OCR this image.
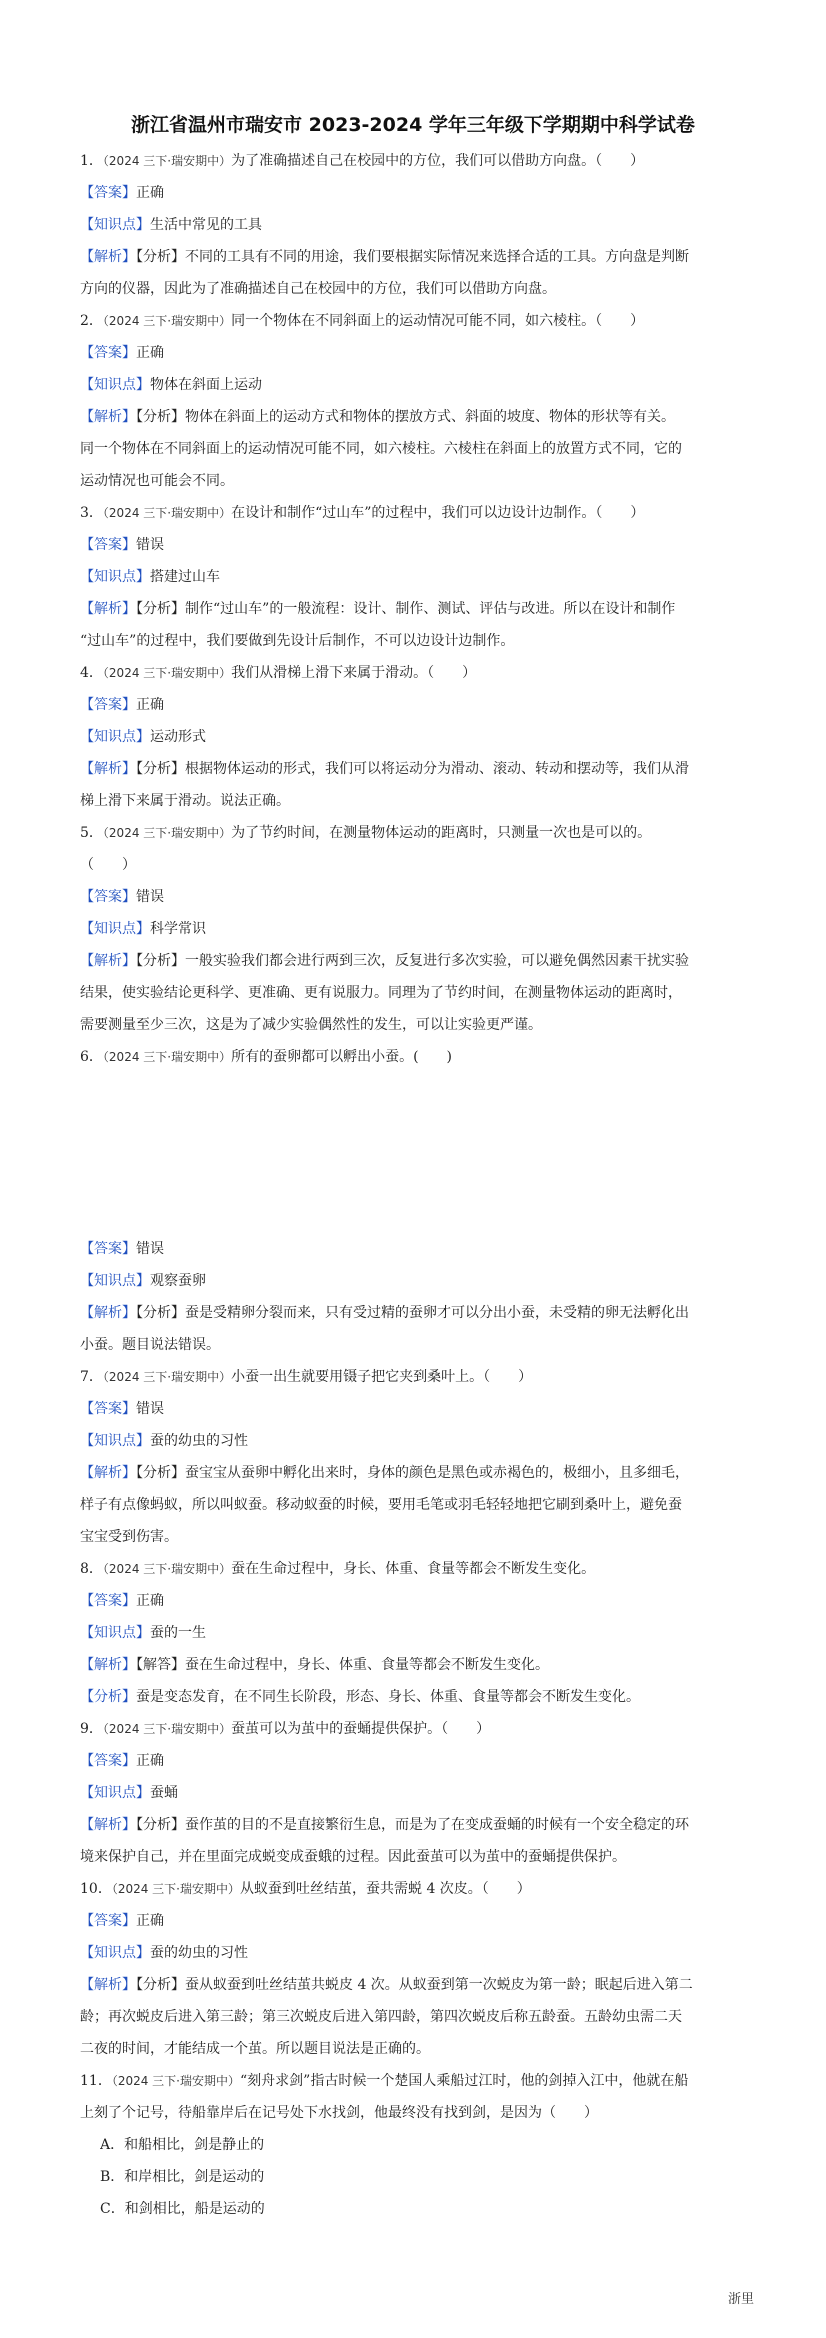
浙江省温州市瑞安市 2023-2024 学年三年级下学期期中科学试卷
1．（2024 三下·瑞安期中）为了准确描述自己在校园中的方位，我们可以借助方向盘。（　　）
【答案】正确
【知识点】生活中常见的工具
【解析】【分析】不同的工具有不同的用途，我们要根据实际情况来选择合适的工具。方向盘是判断
方向的仪器，因此为了准确描述自己在校园中的方位，我们可以借助方向盘。
2．（2024 三下·瑞安期中）同一个物体在不同斜面上的运动情况可能不同，如六棱柱。（　　）
【答案】正确
【知识点】物体在斜面上运动
【解析】【分析】物体在斜面上的运动方式和物体的摆放方式、斜面的坡度、物体的形状等有关。
同一个物体在不同斜面上的运动情况可能不同，如六棱柱。六棱柱在斜面上的放置方式不同，它的
运动情况也可能会不同。
3．（2024 三下·瑞安期中）在设计和制作“过山车”的过程中，我们可以边设计边制作。（　　）
【答案】错误
【知识点】搭建过山车
【解析】【分析】制作“过山车”的一般流程：设计、制作、测试、评估与改进。所以在设计和制作
“过山车”的过程中，我们要做到先设计后制作，不可以边设计边制作。
4．（2024 三下·瑞安期中）我们从滑梯上滑下来属于滑动。（　　）
【答案】正确
【知识点】运动形式
【解析】【分析】根据物体运动的形式，我们可以将运动分为滑动、滚动、转动和摆动等，我们从滑
梯上滑下来属于滑动。说法正确。
5．（2024 三下·瑞安期中）为了节约时间，在测量物体运动的距离时，只测量一次也是可以的。
（　　）
【答案】错误
【知识点】科学常识
【解析】【分析】一般实验我们都会进行两到三次，反复进行多次实验，可以避免偶然因素干扰实验
结果，使实验结论更科学、更准确、更有说服力。同理为了节约时间，在测量物体运动的距离时，
需要测量至少三次，这是为了减少实验偶然性的发生，可以让实验更严谨。
6．（2024 三下·瑞安期中）所有的蚕卵都可以孵出小蚕。(　　)
【答案】错误
【知识点】观察蚕卵
【解析】【分析】蚕是受精卵分裂而来，只有受过精的蚕卵才可以分出小蚕，未受精的卵无法孵化出
小蚕。题目说法错误。
7．（2024 三下·瑞安期中）小蚕一出生就要用镊子把它夹到桑叶上。（　　）
【答案】错误
【知识点】蚕的幼虫的习性
【解析】【分析】蚕宝宝从蚕卵中孵化出来时，身体的颜色是黑色或赤褐色的，极细小，且多细毛，
样子有点像蚂蚁，所以叫蚁蚕。移动蚁蚕的时候，要用毛笔或羽毛轻轻地把它刷到桑叶上，避免蚕
宝宝受到伤害。
8．（2024 三下·瑞安期中）蚕在生命过程中，身长、体重、食量等都会不断发生变化。
【答案】正确
【知识点】蚕的一生
【解析】【解答】蚕在生命过程中，身长、体重、食量等都会不断发生变化。
【分析】蚕是变态发育，在不同生长阶段，形态、身长、体重、食量等都会不断发生变化。
9．（2024 三下·瑞安期中）蚕茧可以为茧中的蚕蛹提供保护。（　　）
【答案】正确
【知识点】蚕蛹
【解析】【分析】蚕作茧的目的不是直接繁衍生息，而是为了在变成蚕蛹的时候有一个安全稳定的环
境来保护自己，并在里面完成蜕变成蚕蛾的过程。因此蚕茧可以为茧中的蚕蛹提供保护。
10．（2024 三下·瑞安期中）从蚁蚕到吐丝结茧，蚕共需蜕 4 次皮。（　　）
【答案】正确
【知识点】蚕的幼虫的习性
【解析】【分析】蚕从蚁蚕到吐丝结茧共蜕皮 4 次。从蚁蚕到第一次蜕皮为第一龄；眠起后进入第二
龄；再次蜕皮后进入第三龄；第三次蜕皮后进入第四龄，第四次蜕皮后称五龄蚕。五龄幼虫需二天
二夜的时间，才能结成一个茧。所以题目说法是正确的。
11．（2024 三下·瑞安期中）“刻舟求剑”指古时候一个楚国人乘船过江时，他的剑掉入江中，他就在船
上刻了个记号，待船靠岸后在记号处下水找剑，他最终没有找到剑，是因为（　　）
A．和船相比，剑是静止的
B．和岸相比，剑是运动的
C．和剑相比，船是运动的
浙里
